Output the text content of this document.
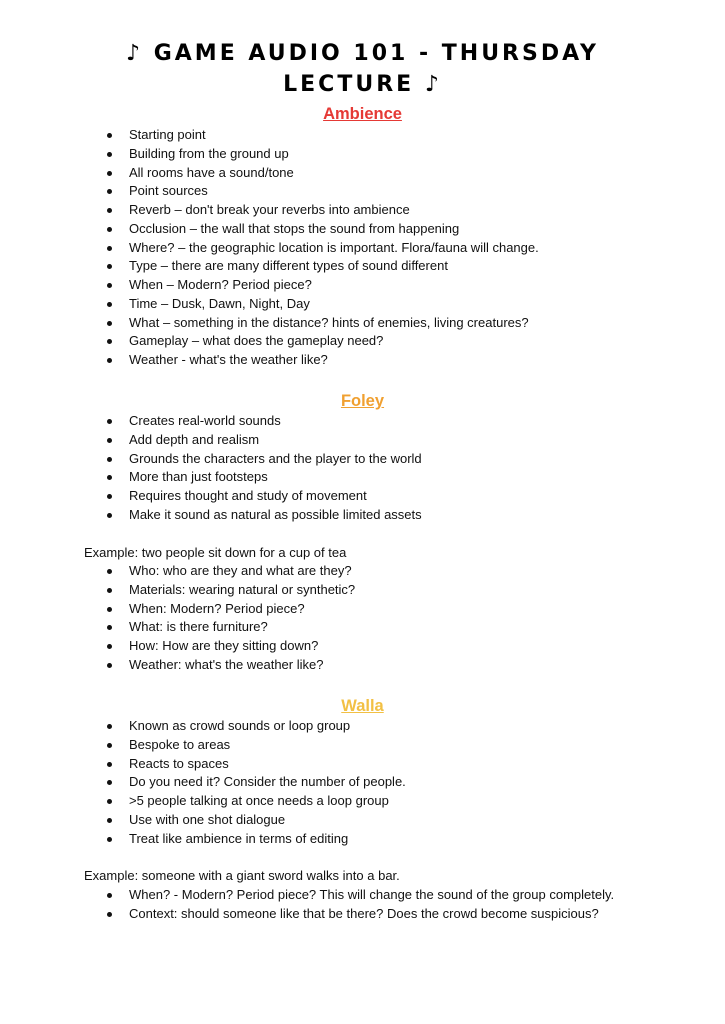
♪ GAME AUDIO 101 - THURSDAY LECTURE ♪
Ambience
Starting point
Building from the ground up
All rooms have a sound/tone
Point sources
Reverb – don't break your reverbs into ambience
Occlusion – the wall that stops the sound from happening
Where? – the geographic location is important. Flora/fauna will change.
Type – there are many different types of sound different
When – Modern? Period piece?
Time – Dusk, Dawn, Night, Day
What – something in the distance? hints of enemies, living creatures?
Gameplay – what does the gameplay need?
Weather - what's the weather like?
Foley
Creates real-world sounds
Add depth and realism
Grounds the characters and the player to the world
More than just footsteps
Requires thought and study of movement
Make it sound as natural as possible limited assets

Example: two people sit down for a cup of tea

Who: who are they and what are they?
Materials: wearing natural or synthetic?
When: Modern? Period piece?
What: is there furniture?
How: How are they sitting down?
Weather: what's the weather like?
Walla
Known as crowd sounds or loop group
Bespoke to areas
Reacts to spaces
Do you need it? Consider the number of people.
>5 people talking at once needs a loop group
Use with one shot dialogue
Treat like ambience in terms of editing

Example: someone with a giant sword walks into a bar.

When? - Modern? Period piece? This will change the sound of the group completely.
Context: should someone like that be there? Does the crowd become suspicious?
